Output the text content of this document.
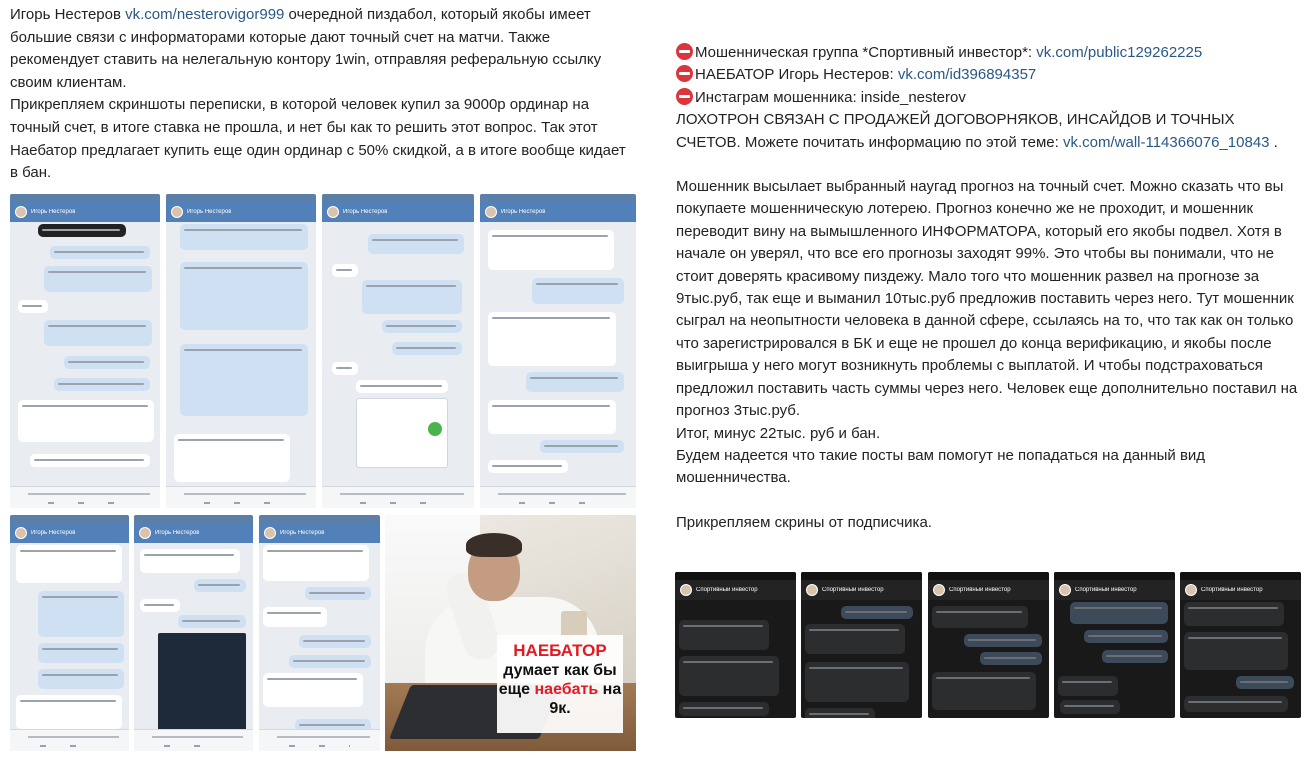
Игорь Нестеров vk.com/nesterovigor999 очередной пиздабол, который якобы имеет большие связи с информаторами которые дают точный счет на матчи. Также рекомендует ставить на нелегальную контору 1win, отправляя реферальную ссылку своим клиентам.

Прикрепляем скриншоты переписки, в которой человек купил за 9000р ординар на точный счет, в итоге ставка не прошла, и нет бы как то решить этот вопрос. Так этот Наебатор предлагает купить еще один ординар с 50% скидкой, а в итоге вообще кидает в бан.

Игорь Нестеров	Игорь Нестеров	Игорь Нестеров	Игорь Нестеров
Игорь Нестеров	Игорь Нестеров	Игорь Нестеров
НАЕБАТОР
думает как бы
еще наебать на
9к.

Мошенническая группа *Спортивный инвестор*: vk.com/public129262225

НАЕБАТОР Игорь Нестеров: vk.com/id396894357

Инстаграм мошенника: inside_nesterov

ЛОХОТРОН СВЯЗАН С ПРОДАЖЕЙ ДОГОВОРНЯКОВ, ИНСАЙДОВ И ТОЧНЫХ СЧЕТОВ. Можете почитать информацию по этой теме: vk.com/wall-114366076_10843 .

Мошенник высылает выбранный наугад прогноз на точный счет. Можно сказать что вы покупаете мошенническую лотерею. Прогноз конечно же не проходит, и мошенник переводит вину на вымышленного ИНФОРМАТОРА, который его якобы подвел. Хотя в начале он уверял, что все его прогнозы заходят 99%. Это чтобы вы понимали, что не стоит доверять красивому пиздежу. Мало того что мошенник развел на прогнозе за 9тыс.руб, так еще и выманил 10тыс.руб предложив поставить через него. Тут мошенник сыграл на неопытности человека в данной сфере, ссылаясь на то, что так как он только что зарегистрировался в БК и еще не прошел до конца верификацию, и якобы после выигрыша у него могут возникнуть проблемы с выплатой. И чтобы подстраховаться предложил поставить часть суммы через него. Человек еще дополнительно поставил на прогноз 3тыс.руб.

Итог, минус 22тыс. руб и бан.

Будем надеется что такие посты вам помогут не попадаться на данный вид мошенничества.

Прикрепляем скрины от подписчика.

Спортивный инвестор	Спортивный инвестор	Спортивный инвестор	Спортивный инвестор	Спортивный инвестор
